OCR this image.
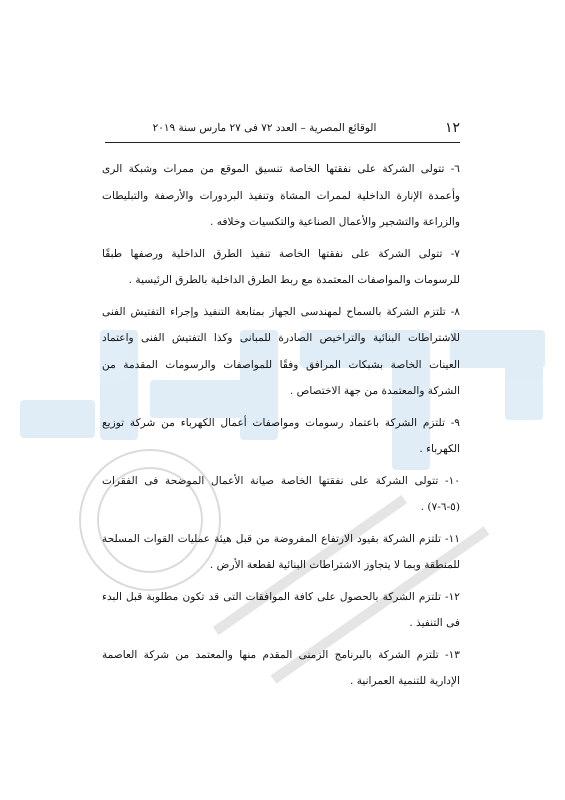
١٢
الوقائع المصرية – العدد ٧٢ فى ٢٧ مارس سنة ٢٠١٩

٦- تتولى الشركة على نفقتها الخاصة تنسيق الموقع من ممرات وشبكة الرى وأعمدة الإنارة الداخلية لممرات المشاة وتنفيذ البردورات والأرصفة والتبليطات والزراعة والتشجير والأعمال الصناعية والتكسيات وخلافه .

٧- تتولى الشركة على نفقتها الخاصة تنفيذ الطرق الداخلية ورصفها طبقًا للرسومات والمواصفات المعتمدة مع ربط الطرق الداخلية بالطرق الرئيسية .

٨- تلتزم الشركة بالسماح لمهندسى الجهاز بمتابعة التنفيذ وإجراء التفتيش الفنى للاشتراطات البنائية والتراخيص الصادرة للمبانى وكذا التفتيش الفنى واعتماد العينات الخاصة بشبكات المرافق وفقًا للمواصفات والرسومات المقدمة من الشركة والمعتمدة من جهة الاختصاص .

٩- تلتزم الشركة باعتماد رسومات ومواصفات أعمال الكهرباء من شركة توزيع الكهرباء .

١٠- تتولى الشركة على نفقتها الخاصة صيانة الأعمال الموضحة فى الفقرات (٥-٦-٧) .

١١- تلتزم الشركة بقيود الارتفاع المفروضة من قبل هيئة عمليات القوات المسلحة للمنطقة وبما لا يتجاوز الاشتراطات البنائية لقطعة الأرض .

١٢- تلتزم الشركة بالحصول على كافة الموافقات التى قد تكون مطلوبة قبل البدء فى التنفيذ .

١٣- تلتزم الشركة بالبرنامج الزمنى المقدم منها والمعتمد من شركة العاصمة الإدارية للتنمية العمرانية .
